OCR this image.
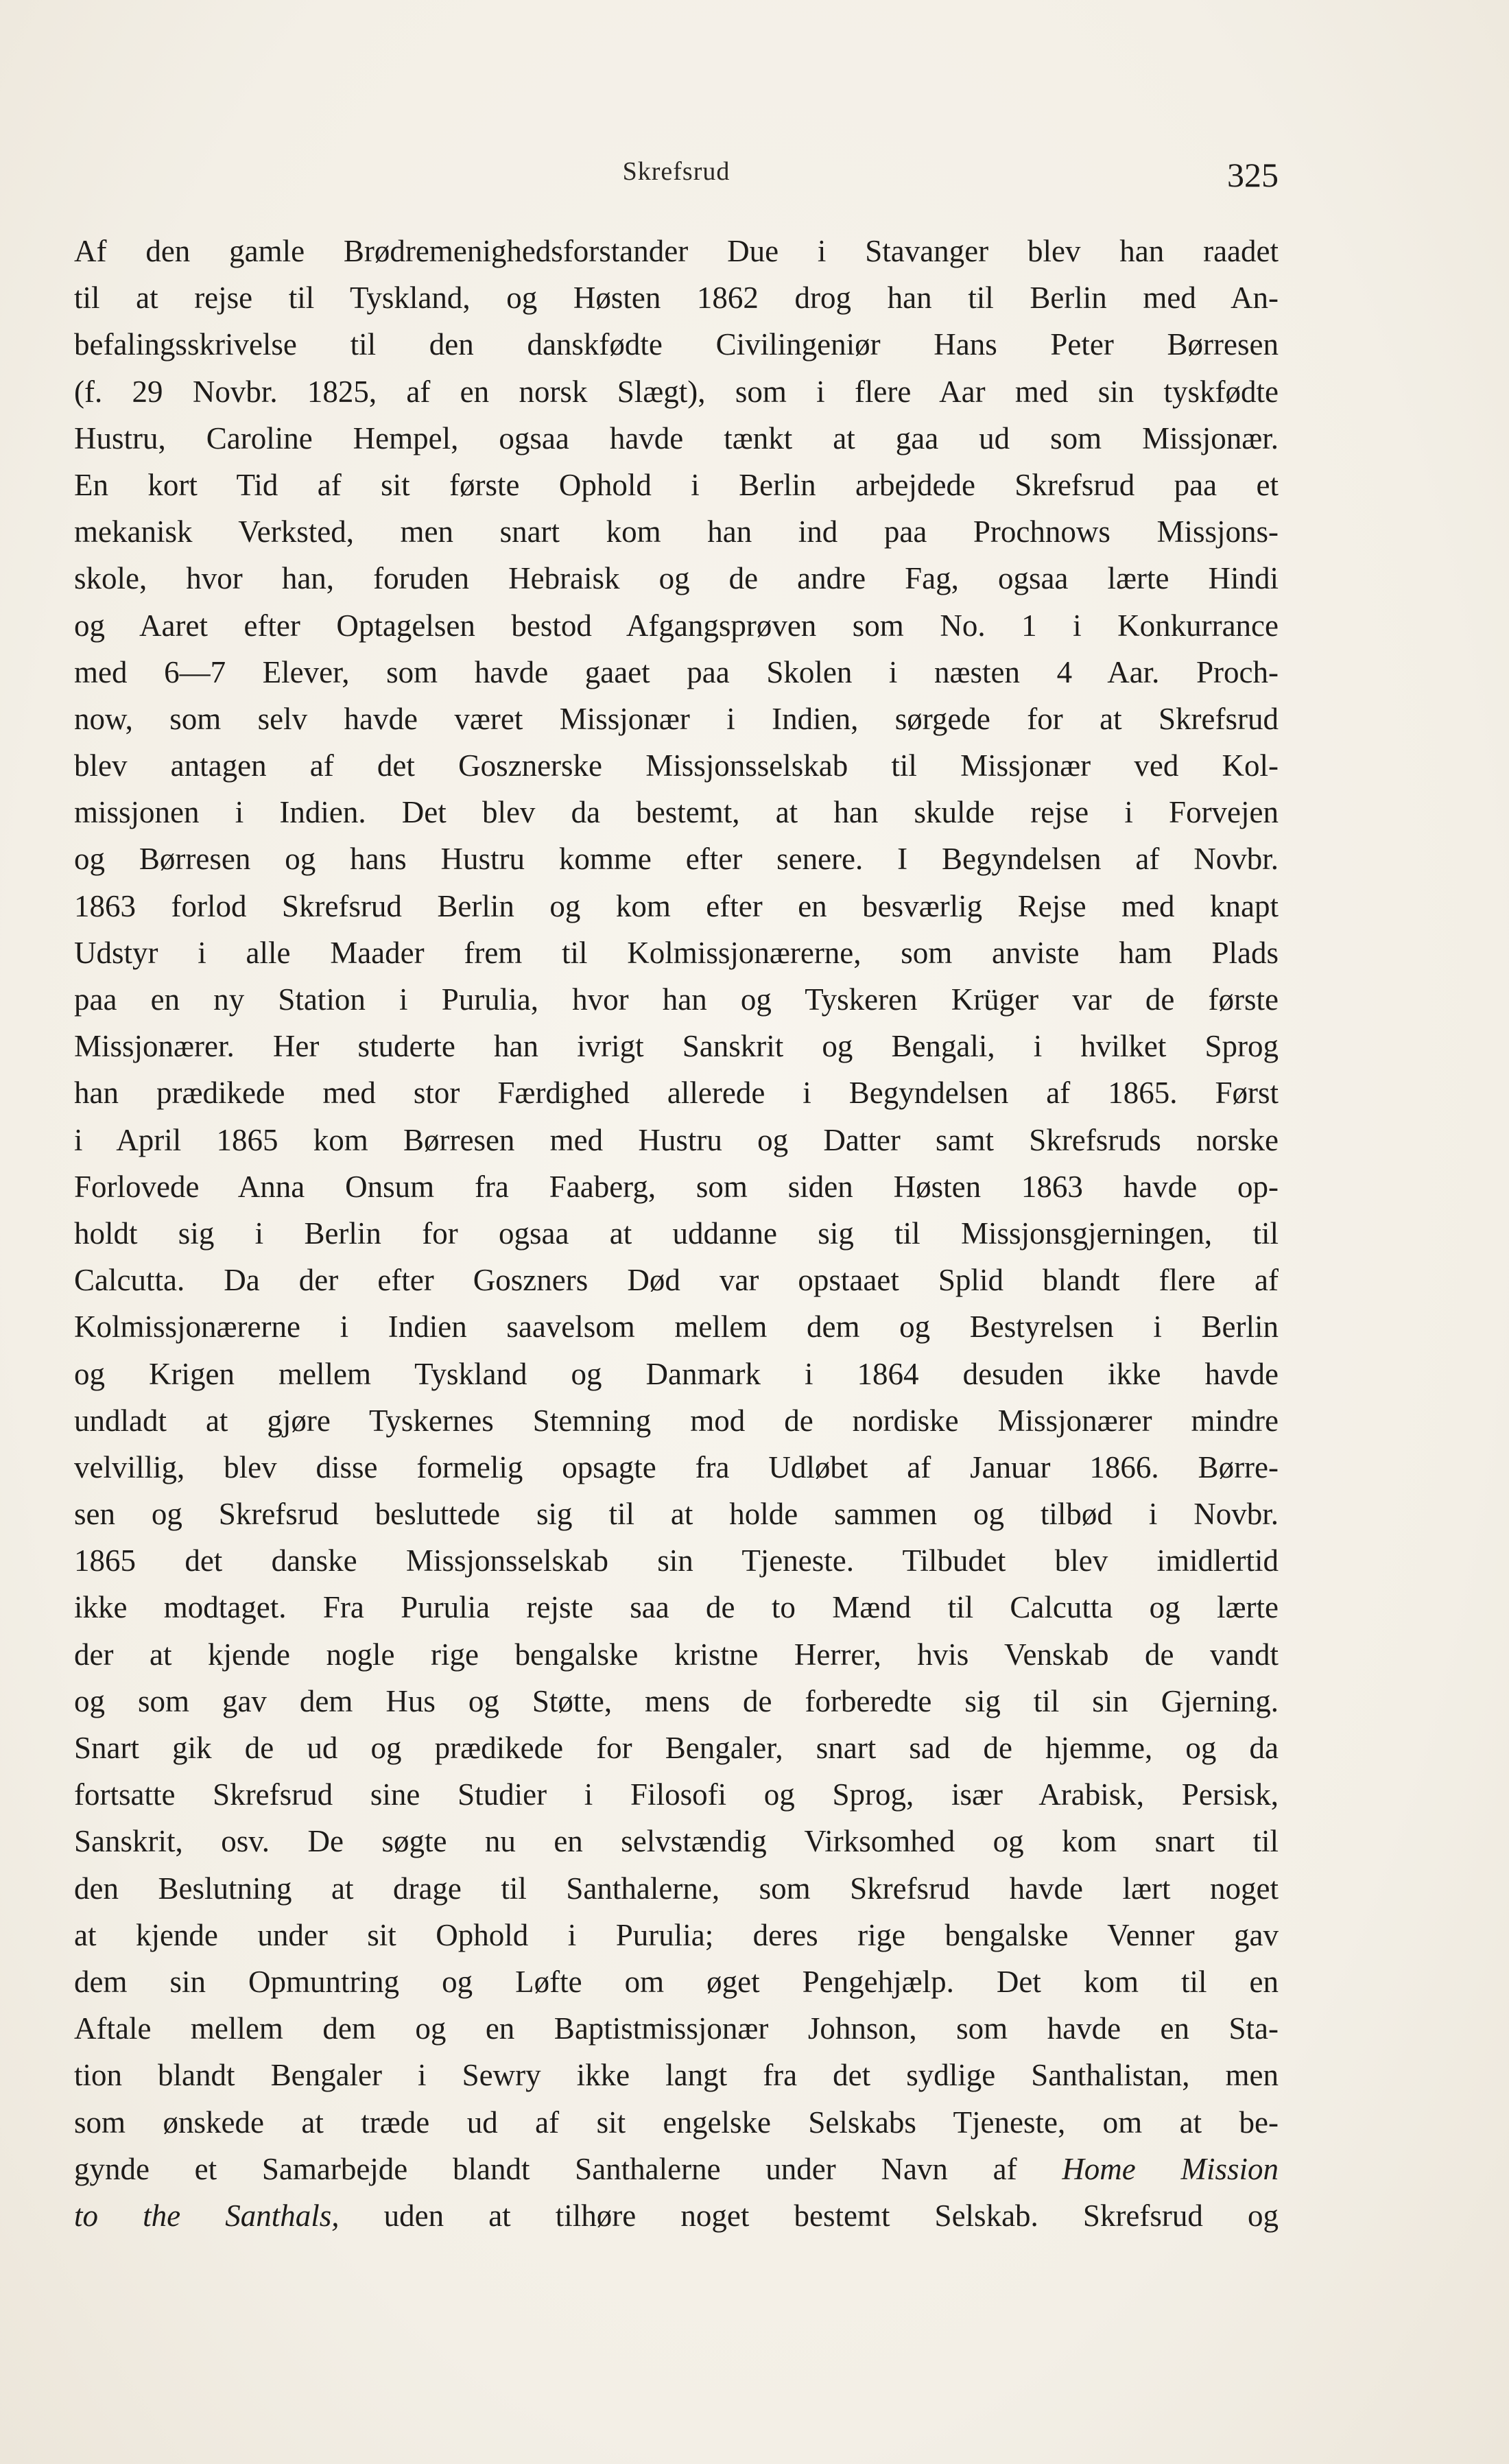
Skrefsrud	325
Af den gamle Brødremenighedsforstander Due i Stavanger blev han raadet
til at rejse til Tyskland, og Høsten 1862 drog han til Berlin med An-
befalingsskrivelse til den danskfødte Civilingeniør Hans Peter Børresen
(f. 29 Novbr. 1825, af en norsk Slægt), som i flere Aar med sin tyskfødte
Hustru, Caroline Hempel, ogsaa havde tænkt at gaa ud som Missjonær.
En kort Tid af sit første Ophold i Berlin arbejdede Skrefsrud paa et
mekanisk Verksted, men snart kom han ind paa Prochnows Missjons-
skole, hvor han, foruden Hebraisk og de andre Fag, ogsaa lærte Hindi
og Aaret efter Optagelsen bestod Afgangsprøven som No. 1 i Konkurrance
med 6—7 Elever, som havde gaaet paa Skolen i næsten 4 Aar. Proch-
now, som selv havde været Missjonær i Indien, sørgede for at Skrefsrud
blev antagen af det Gosznerske Missjonsselskab til Missjonær ved Kol-
missjonen i Indien. Det blev da bestemt, at han skulde rejse i Forvejen
og Børresen og hans Hustru komme efter senere. I Begyndelsen af Novbr.
1863 forlod Skrefsrud Berlin og kom efter en besværlig Rejse med knapt
Udstyr i alle Maader frem til Kolmissjonærerne, som anviste ham Plads
paa en ny Station i Purulia, hvor han og Tyskeren Krüger var de første
Missjonærer. Her studerte han ivrigt Sanskrit og Bengali, i hvilket Sprog
han prædikede med stor Færdighed allerede i Begyndelsen af 1865. Først
i April 1865 kom Børresen med Hustru og Datter samt Skrefsruds norske
Forlovede Anna Onsum fra Faaberg, som siden Høsten 1863 havde op-
holdt sig i Berlin for ogsaa at uddanne sig til Missjonsgjerningen, til
Calcutta. Da der efter Goszners Død var opstaaet Splid blandt flere af
Kolmissjonærerne i Indien saavelsom mellem dem og Bestyrelsen i Berlin
og Krigen mellem Tyskland og Danmark i 1864 desuden ikke havde
undladt at gjøre Tyskernes Stemning mod de nordiske Missjonærer mindre
velvillig, blev disse formelig opsagte fra Udløbet af Januar 1866. Børre-
sen og Skrefsrud besluttede sig til at holde sammen og tilbød i Novbr.
1865 det danske Missjonsselskab sin Tjeneste. Tilbudet blev imidlertid
ikke modtaget. Fra Purulia rejste saa de to Mænd til Calcutta og lærte
der at kjende nogle rige bengalske kristne Herrer, hvis Venskab de vandt
og som gav dem Hus og Støtte, mens de forberedte sig til sin Gjerning.
Snart gik de ud og prædikede for Bengaler, snart sad de hjemme, og da
fortsatte Skrefsrud sine Studier i Filosofi og Sprog, især Arabisk, Persisk,
Sanskrit, osv. De søgte nu en selvstændig Virksomhed og kom snart til
den Beslutning at drage til Santhalerne, som Skrefsrud havde lært noget
at kjende under sit Ophold i Purulia; deres rige bengalske Venner gav
dem sin Opmuntring og Løfte om øget Pengehjælp. Det kom til en
Aftale mellem dem og en Baptistmissjonær Johnson, som havde en Sta-
tion blandt Bengaler i Sewry ikke langt fra det sydlige Santhalistan, men
som ønskede at træde ud af sit engelske Selskabs Tjeneste, om at be-
gynde et Samarbejde blandt Santhalerne under Navn af Home Mission
to the Santhals, uden at tilhøre noget bestemt Selskab. Skrefsrud og
